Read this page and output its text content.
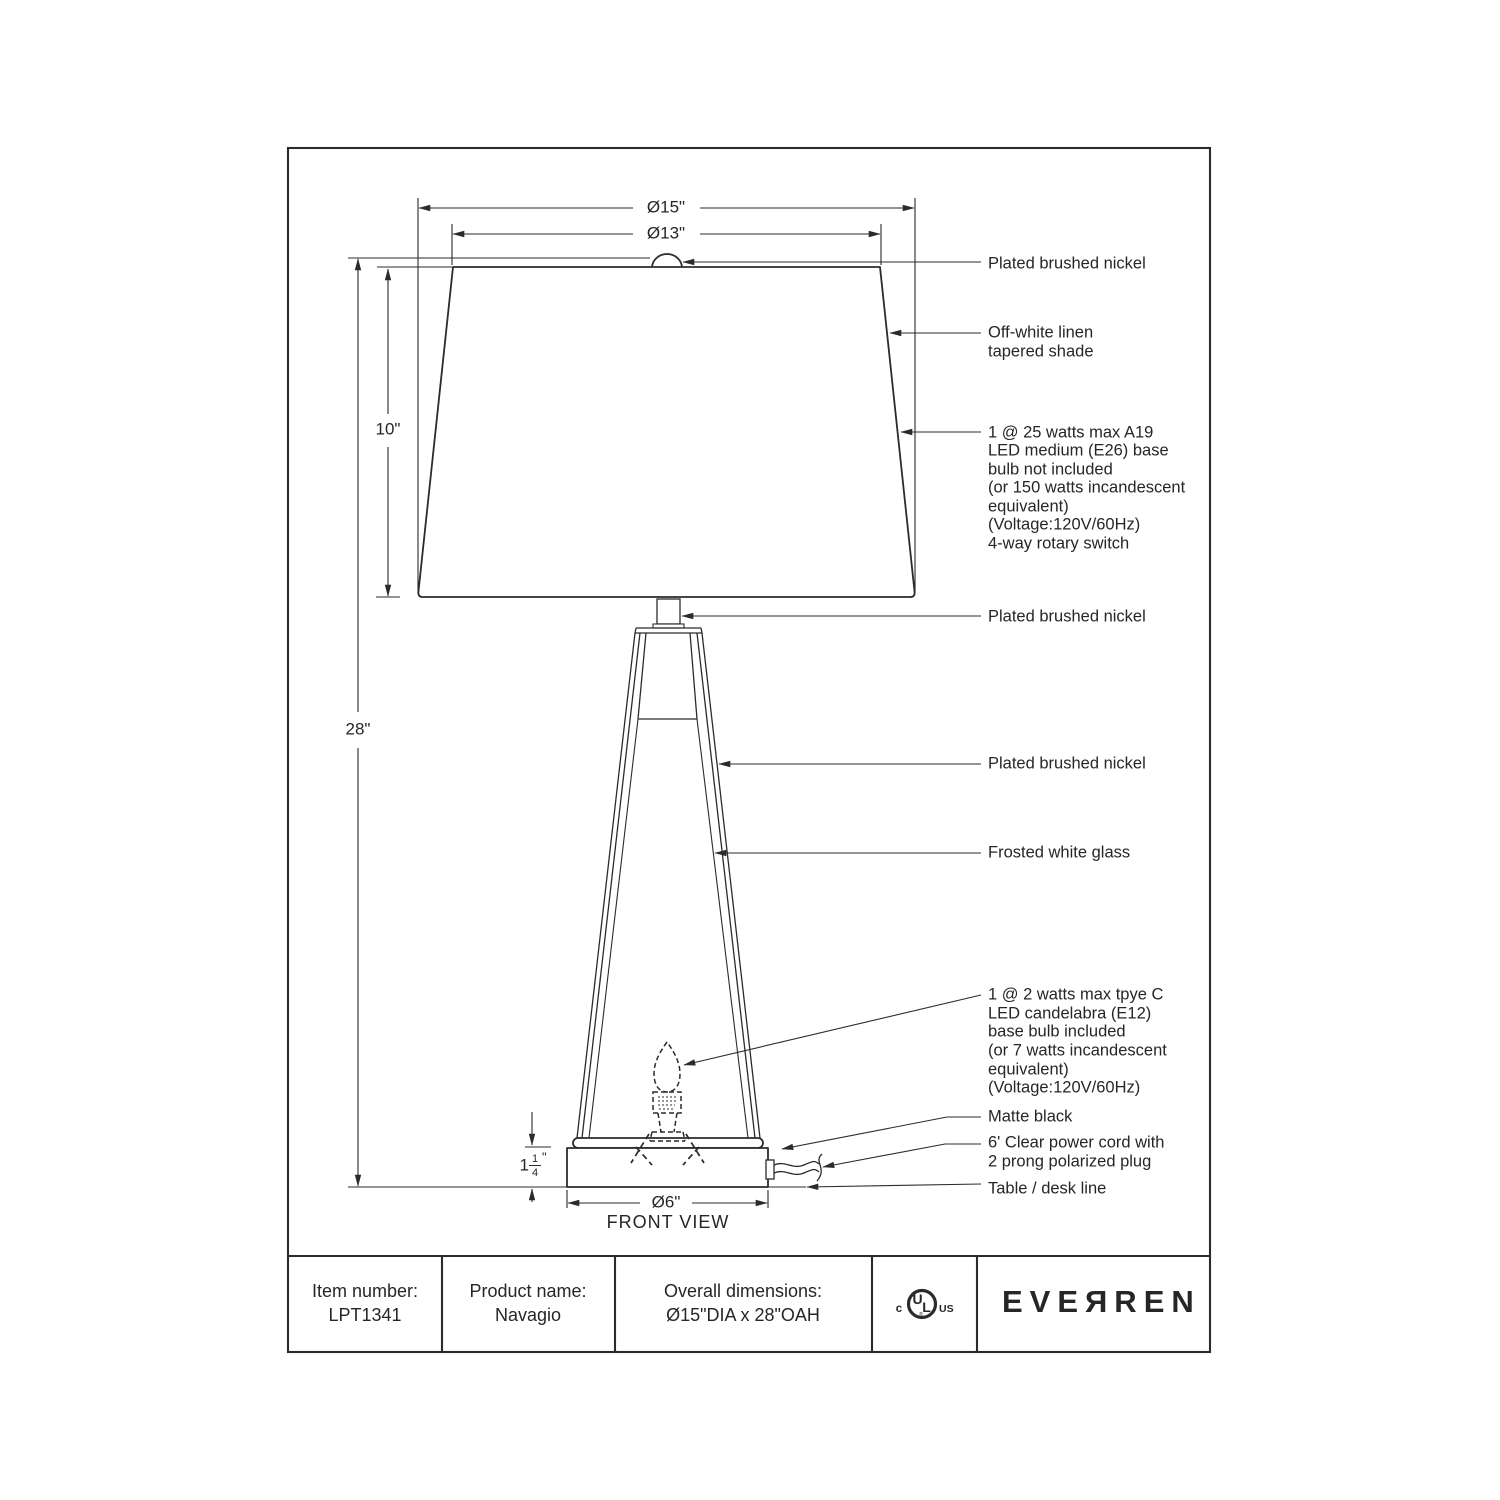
Ø15"
Ø13"
10"
28"
Ø6"
1 1
4
"
FRONT VIEW
Plated brushed nickel
Off-white linen
tapered shade
1 @ 25 watts max A19
LED medium (E26) base
bulb not included
(or 150 watts incandescent
equivalent)
(Voltage:120V/60Hz)
4-way rotary switch
Plated brushed nickel
Plated brushed nickel
Frosted white glass
1 @ 2 watts max tpye C
LED candelabra (E12)
base bulb included
(or 7 watts incandescent
equivalent)
(Voltage:120V/60Hz)
Matte black
6' Clear power cord with
2 prong polarized plug
Table / desk line
Item number:
LPT1341
Product name:
Navagio
Overall dimensions:
Ø15"DIA x 28"OAH
U L
®
c	US EVEЯREN
